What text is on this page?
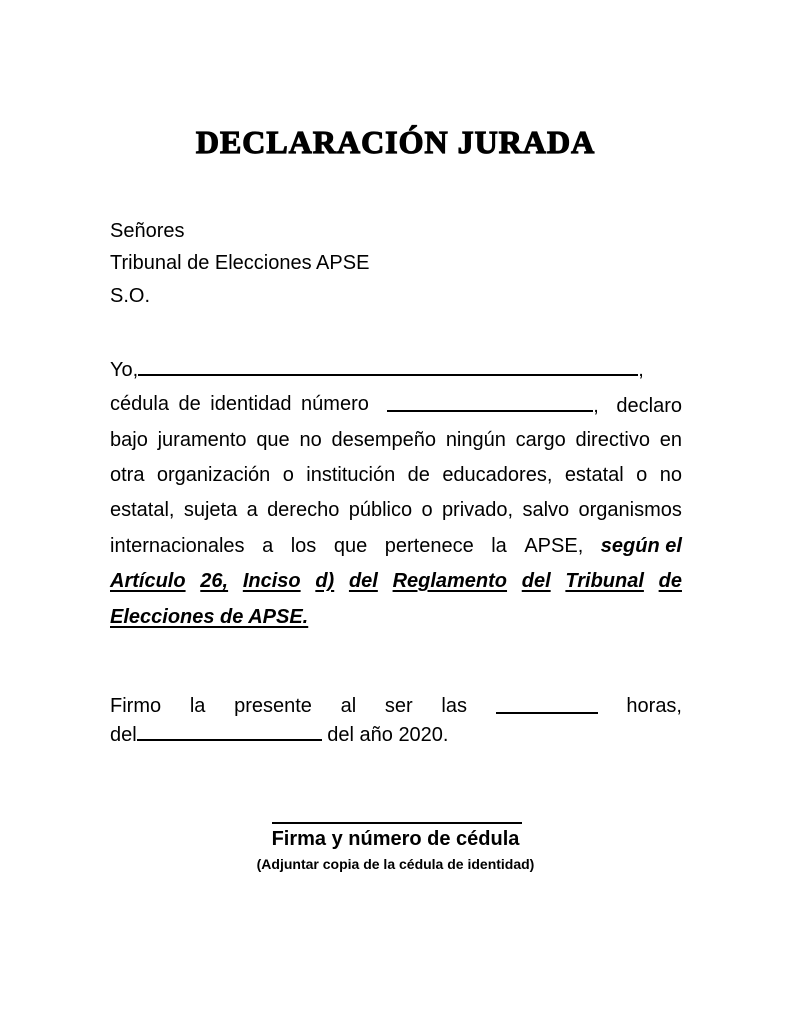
DECLARACIÓN JURADA
Señores
Tribunal de Elecciones APSE
S.O.
Yo,	,
cédula de identidad número	, declaro
bajo juramento que no desempeño ningún cargo directivo en
otra organización o institución de educadores, estatal o no
estatal, sujeta a derecho público o privado, salvo organismos
internacionales a los que pertenece la APSE, según el
Artículo 26, Inciso d) del Reglamento del Tribunal de
Elecciones de APSE.
Firmo la presente al ser las	horas,
del	del año 2020.
Firma y número de cédula
(Adjuntar copia de la cédula de identidad)
